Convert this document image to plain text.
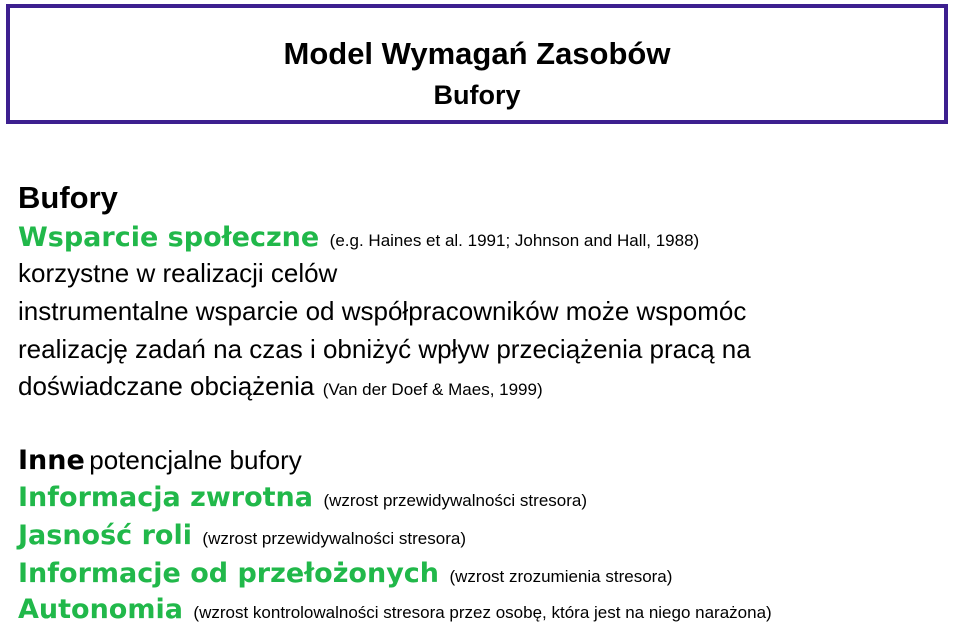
Model Wymagań Zasobów
Bufory
Bufory
Wsparcie społeczne (e.g. Haines et al. 1991; Johnson and Hall, 1988)
korzystne w realizacji celów
instrumentalne wsparcie od współpracowników może wspomóc
realizację zadań na czas i obniżyć wpływ przeciążenia pracą na
doświadczane obciążenia (Van der Doef & Maes, 1999)
Inne potencjalne bufory
Informacja zwrotna (wzrost przewidywalności stresora)
Jasność roli (wzrost przewidywalności stresora)
Informacje od przełożonych (wzrost zrozumienia stresora)
Autonomia (wzrost kontrolowalności stresora przez osobę, która jest na niego narażona)
